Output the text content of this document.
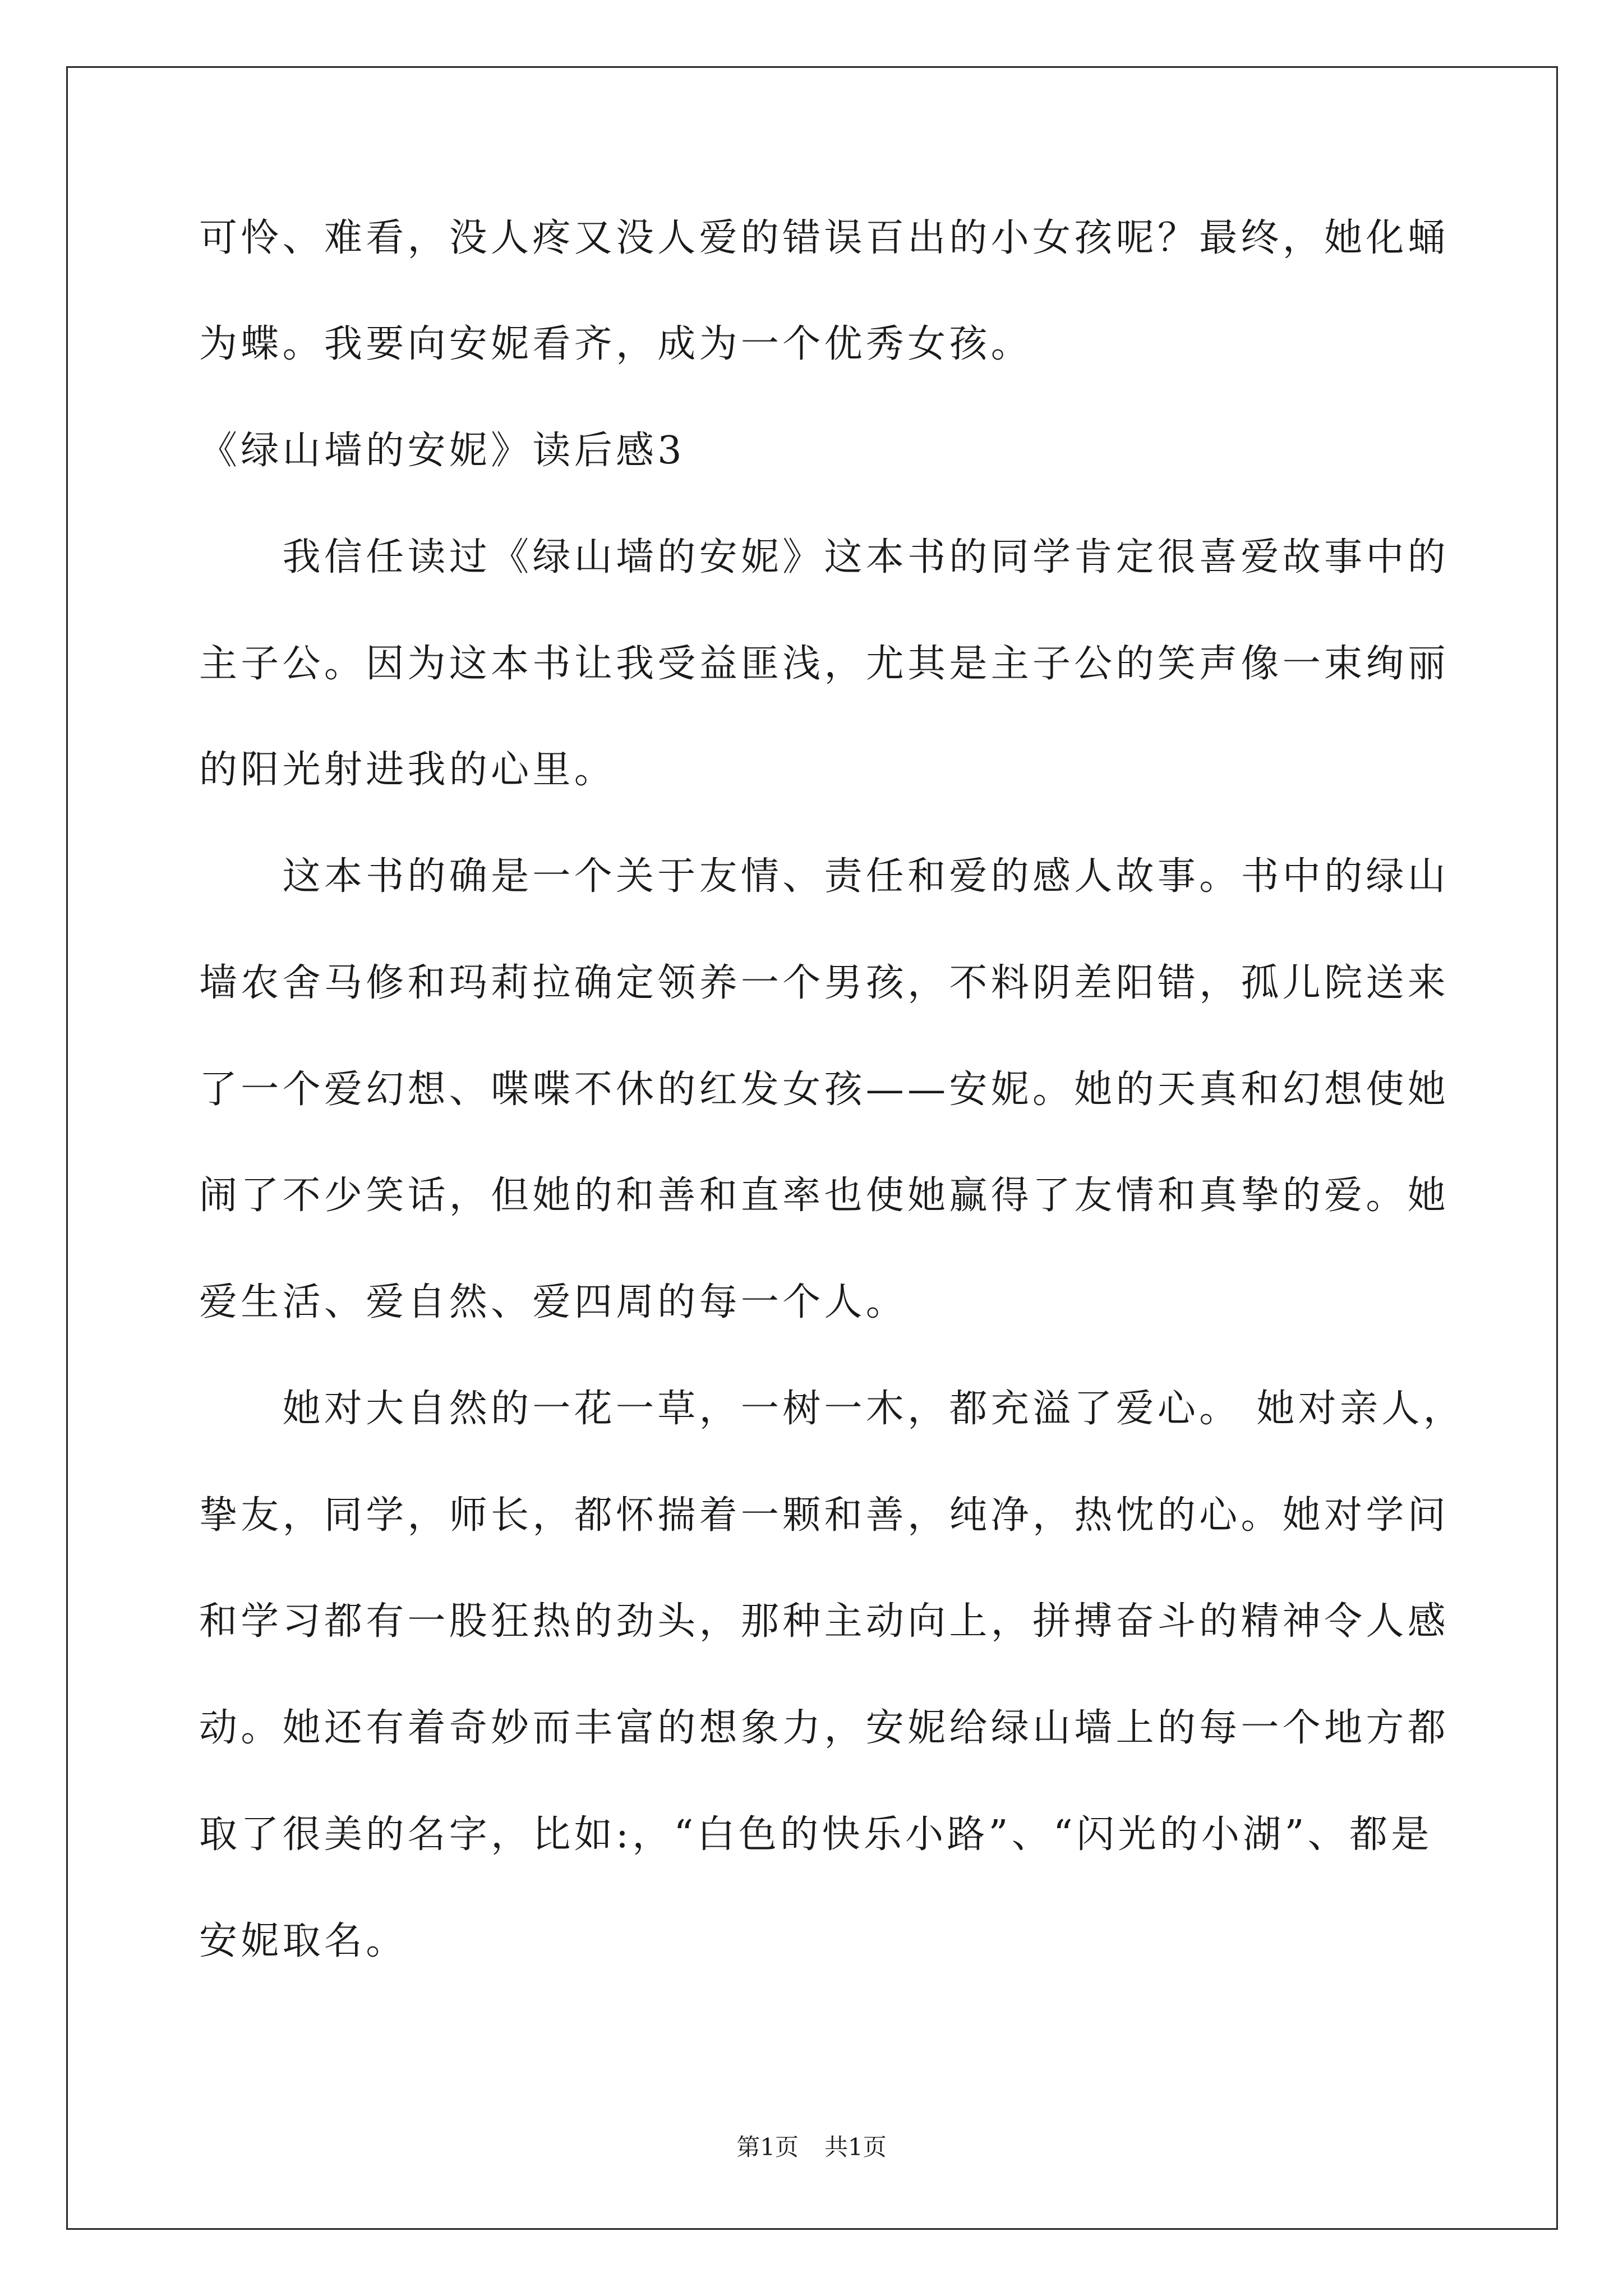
可怜、难看，没人疼又没人爱的错误百出的小女孩呢？最终，她化蛹
为蝶。我要向安妮看齐，成为一个优秀女孩。
《绿山墙的安妮》读后感3
　　我信任读过《绿山墙的安妮》这本书的同学肯定很喜爱故事中的
主子公。因为这本书让我受益匪浅，尤其是主子公的笑声像一束绚丽
的阳光射进我的心里。
　　这本书的确是一个关于友情、责任和爱的感人故事。书中的绿山
墙农舍马修和玛莉拉确定领养一个男孩，不料阴差阳错，孤儿院送来
了一个爱幻想、喋喋不休的红发女孩——安妮。她的天真和幻想使她
闹了不少笑话，但她的和善和直率也使她赢得了友情和真挚的爱。她
爱生活、爱自然、爱四周的每一个人。
　　她对大自然的一花一草，一树一木，都充溢了爱心。 她对亲人，
挚友，同学，师长，都怀揣着一颗和善，纯净，热忱的心。她对学问
和学习都有一股狂热的劲头，那种主动向上，拼搏奋斗的精神令人感
动。她还有着奇妙而丰富的想象力，安妮给绿山墙上的每一个地方都
取了很美的名字，比如:，“白色的快乐小路”、“闪光的小湖”、都是
安妮取名。
第1页 共1页
